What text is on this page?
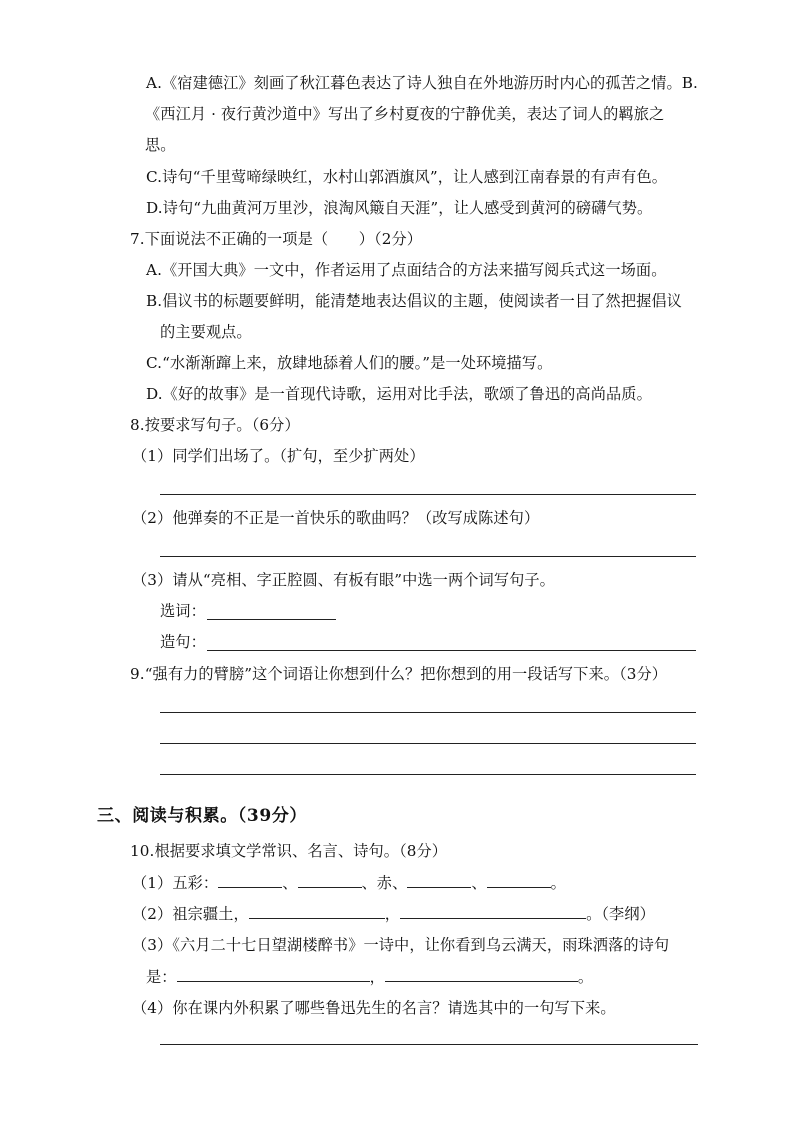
A.《宿建德江》刻画了秋江暮色表达了诗人独自在外地游历时内心的孤苦之情。B.
《西江月 · 夜行黄沙道中》写出了乡村夏夜的宁静优美，表达了词人的羁旅之
思。
C.诗句“千里莺啼绿映红，水村山郭酒旗风”，让人感到江南春景的有声有色。
D.诗句“九曲黄河万里沙，浪淘风簸自天涯”，让人感受到黄河的磅礴气势。
7.下面说法不正确的一项是（　　）（2分）
A.《开国大典》一文中，作者运用了点面结合的方法来描写阅兵式这一场面。
B.倡议书的标题要鲜明，能清楚地表达倡议的主题，使阅读者一目了然把握倡议
的主要观点。
C.“水渐渐蹿上来，放肆地舔着人们的腰。”是一处环境描写。
D.《好的故事》是一首现代诗歌，运用对比手法，歌颂了鲁迅的高尚品质。
8.按要求写句子。（6分）
（1）同学们出场了。（扩句，至少扩两处）
（2）他弹奏的不正是一首快乐的歌曲吗？（改写成陈述句）
（3）请从“亮相、字正腔圆、有板有眼”中选一两个词写句子。
选词：
造句：
9.“强有力的臂膀”这个词语让你想到什么？把你想到的用一段话写下来。（3分）
三、阅读与积累。（39分）
10.根据要求填文学常识、名言、诗句。（8分）
（1）五彩：	、	、赤、	、	。
（2）祖宗疆土，	，	。（李纲）
（3）《六月二十七日望湖楼醉书》一诗中，让你看到乌云满天，雨珠洒落的诗句
是：	，	。
（4）你在课内外积累了哪些鲁迅先生的名言？请选其中的一句写下来。
